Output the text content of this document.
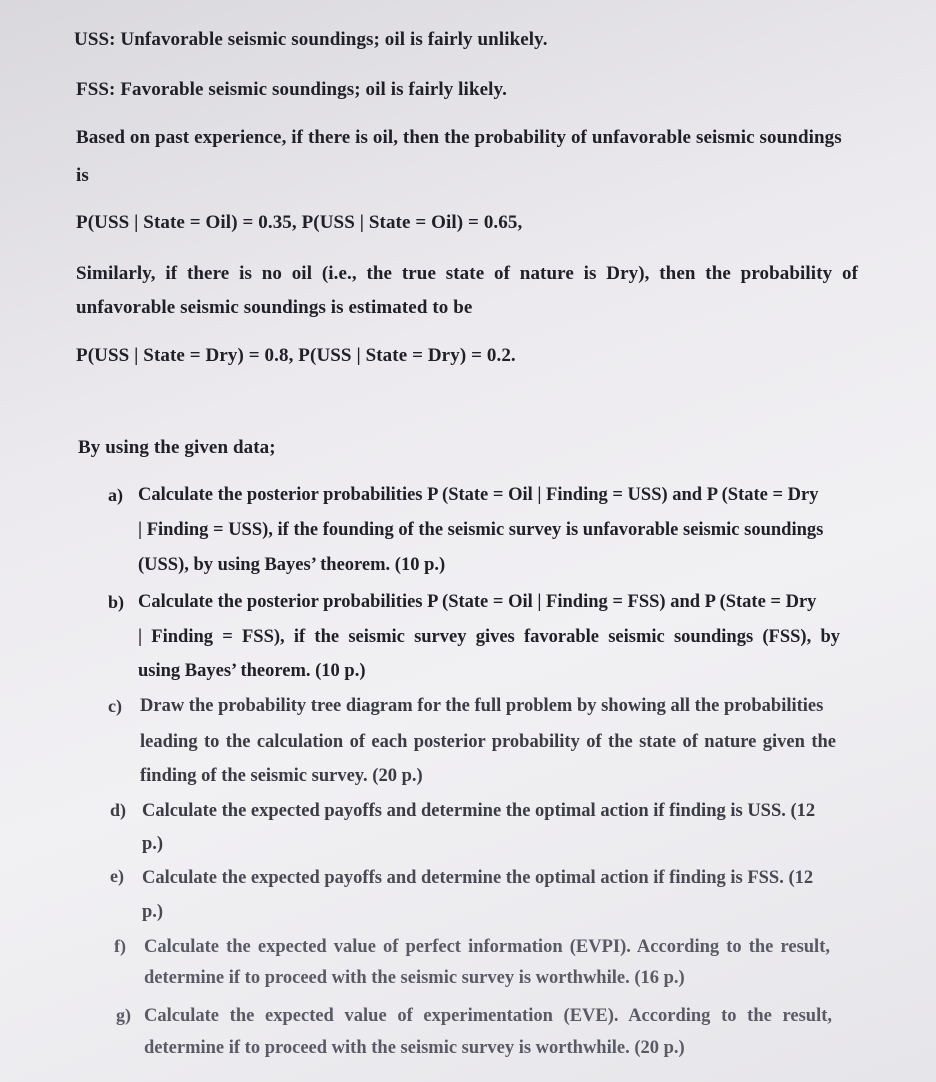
USS: Unfavorable seismic soundings; oil is fairly unlikely.
FSS: Favorable seismic soundings; oil is fairly likely.
Based on past experience, if there is oil, then the probability of unfavorable seismic soundings
is
P(USS | State = Oil) = 0.35, P(USS | State = Oil) = 0.65,
Similarly, if there is no oil (i.e., the true state of nature is Dry), then the probability of
unfavorable seismic soundings is estimated to be
P(USS | State = Dry) = 0.8, P(USS | State = Dry) = 0.2.
By using the given data;
a) Calculate the posterior probabilities P (State = Oil | Finding = USS) and P (State = Dry
| Finding = USS), if the founding of the seismic survey is unfavorable seismic soundings
(USS), by using Bayes’ theorem. (10 p.)
b) Calculate the posterior probabilities P (State = Oil | Finding = FSS) and P (State = Dry
| Finding = FSS), if the seismic survey gives favorable seismic soundings (FSS), by
using Bayes’ theorem. (10 p.)
c) Draw the probability tree diagram for the full problem by showing all the probabilities
leading to the calculation of each posterior probability of the state of nature given the
finding of the seismic survey. (20 p.)
d) Calculate the expected payoffs and determine the optimal action if finding is USS. (12
p.)
e) Calculate the expected payoffs and determine the optimal action if finding is FSS. (12
p.)
f) Calculate the expected value of perfect information (EVPI). According to the result,
determine if to proceed with the seismic survey is worthwhile. (16 p.)
g) Calculate the expected value of experimentation (EVE). According to the result,
determine if to proceed with the seismic survey is worthwhile. (20 p.)
